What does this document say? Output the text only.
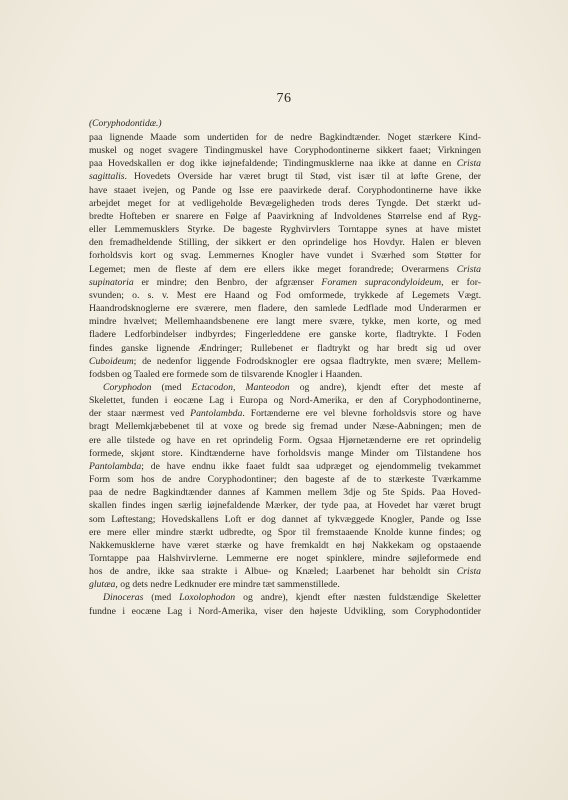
76
(Coryphodontidæ.)
paa lignende Maade som undertiden for de nedre Bagkindtænder. Noget stærkere Kind-
muskel og noget svagere Tindingmuskel have Coryphodontinerne sikkert faaet; Virkningen
paa Hovedskallen er dog ikke iøjnefaldende; Tindingmusklerne naa ikke at danne en Crista
sagittalis. Hovedets Overside har været brugt til Stød, vist især til at løfte Grene, der
have staaet ivejen, og Pande og Isse ere paavirkede deraf. Coryphodontinerne have ikke
arbejdet meget for at vedligeholde Bevægeligheden trods deres Tyngde. Det stærkt ud-
bredte Hofteben er snarere en Følge af Paavirkning af Indvoldenes Størrelse end af Ryg-
eller Lemmemusklers Styrke. De bageste Ryghvirvlers Torntappe synes at have mistet
den fremadheldende Stilling, der sikkert er den oprindelige hos Hovdyr. Halen er bleven
forholdsvis kort og svag. Lemmernes Knogler have vundet i Sværhed som Støtter for
Legemet; men de fleste af dem ere ellers ikke meget forandrede; Overarmens Crista
supinatoria er mindre; den Benbro, der afgrænser Foramen supracondyloideum, er for-
svunden; o. s. v. Mest ere Haand og Fod omformede, trykkede af Legemets Vægt.
Haandrodsknoglerne ere sværere, men fladere, den samlede Ledflade mod Underarmen er
mindre hvælvet; Mellemhaandsbenene ere langt mere svære, tykke, men korte, og med
fladere Ledforbindelser indbyrdes; Fingerleddene ere ganske korte, fladtrykte. I Foden
findes ganske lignende Ændringer; Rullebenet er fladtrykt og har bredt sig ud over
Cuboideum; de nedenfor liggende Fodrodsknogler ere ogsaa fladtrykte, men svære; Mellem-
fodsben og Taaled ere formede som de tilsvarende Knogler i Haanden.
Coryphodon (med Ectacodon, Manteodon og andre), kjendt efter det meste af
Skelettet, funden i eocæne Lag i Europa og Nord-Amerika, er den af Coryphodontinerne,
der staar nærmest ved Pantolambda. Fortænderne ere vel blevne forholdsvis store og have
bragt Mellemkjæbebenet til at voxe og brede sig fremad under Næse-Aabningen; men de
ere alle tilstede og have en ret oprindelig Form. Ogsaa Hjørnetænderne ere ret oprindelig
formede, skjønt store. Kindtænderne have forholdsvis mange Minder om Tilstandene hos
Pantolambda; de have endnu ikke faaet fuldt saa udpræget og ejendommelig tvekammet
Form som hos de andre Coryphodontiner; den bageste af de to stærkeste Tværkamme
paa de nedre Bagkindtænder dannes af Kammen mellem 3dje og 5te Spids. Paa Hoved-
skallen findes ingen særlig iøjnefaldende Mærker, der tyde paa, at Hovedet har været brugt
som Løftestang; Hovedskallens Loft er dog dannet af tykvæggede Knogler, Pande og Isse
ere mere eller mindre stærkt udbredte, og Spor til fremstaaende Knolde kunne findes; og
Nakkemusklerne have været stærke og have fremkaldt en høj Nakkekam og opstaaende
Torntappe paa Halshvirvlerne. Lemmerne ere noget spinklere, mindre søjleformede end
hos de andre, ikke saa strakte i Albue- og Knæled; Laarbenet har beholdt sin Crista
glutæa, og dets nedre Ledknuder ere mindre tæt sammenstillede.
Dinoceras (med Loxolophodon og andre), kjendt efter næsten fuldstændige Skeletter
fundne i eocæne Lag i Nord-Amerika, viser den højeste Udvikling, som Coryphodontider
